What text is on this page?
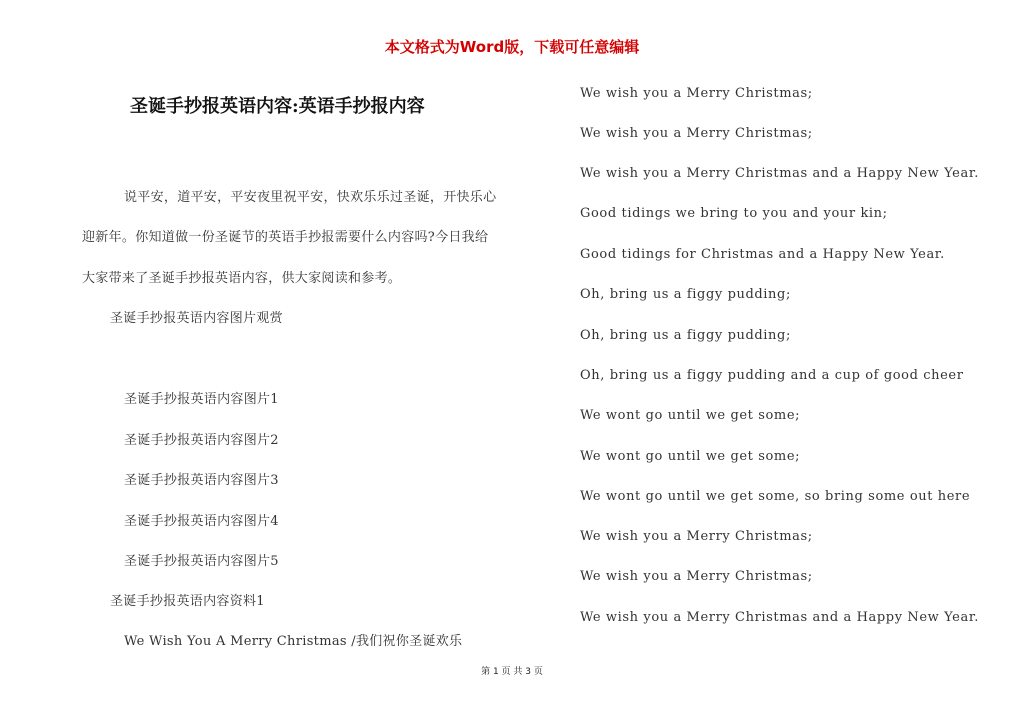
本文格式为Word版，下载可任意编辑
圣诞手抄报英语内容:英语手抄报内容
说平安，道平安，平安夜里祝平安，快欢乐乐过圣诞，开快乐心
迎新年。你知道做一份圣诞节的英语手抄报需要什么内容吗?今日我给
大家带来了圣诞手抄报英语内容，供大家阅读和参考。
圣诞手抄报英语内容图片观赏
圣诞手抄报英语内容图片1
圣诞手抄报英语内容图片2
圣诞手抄报英语内容图片3
圣诞手抄报英语内容图片4
圣诞手抄报英语内容图片5
圣诞手抄报英语内容资料1
We Wish You A Merry Christmas /我们祝你圣诞欢乐
We wish you a Merry Christmas;
We wish you a Merry Christmas;
We wish you a Merry Christmas and a Happy New Year.
Good tidings we bring to you and your kin;
Good tidings for Christmas and a Happy New Year.
Oh, bring us a figgy pudding;
Oh, bring us a figgy pudding;
Oh, bring us a figgy pudding and a cup of good cheer
We wont go until we get some;
We wont go until we get some;
We wont go until we get some, so bring some out here
We wish you a Merry Christmas;
We wish you a Merry Christmas;
We wish you a Merry Christmas and a Happy New Year.
第 1 页 共 3 页
